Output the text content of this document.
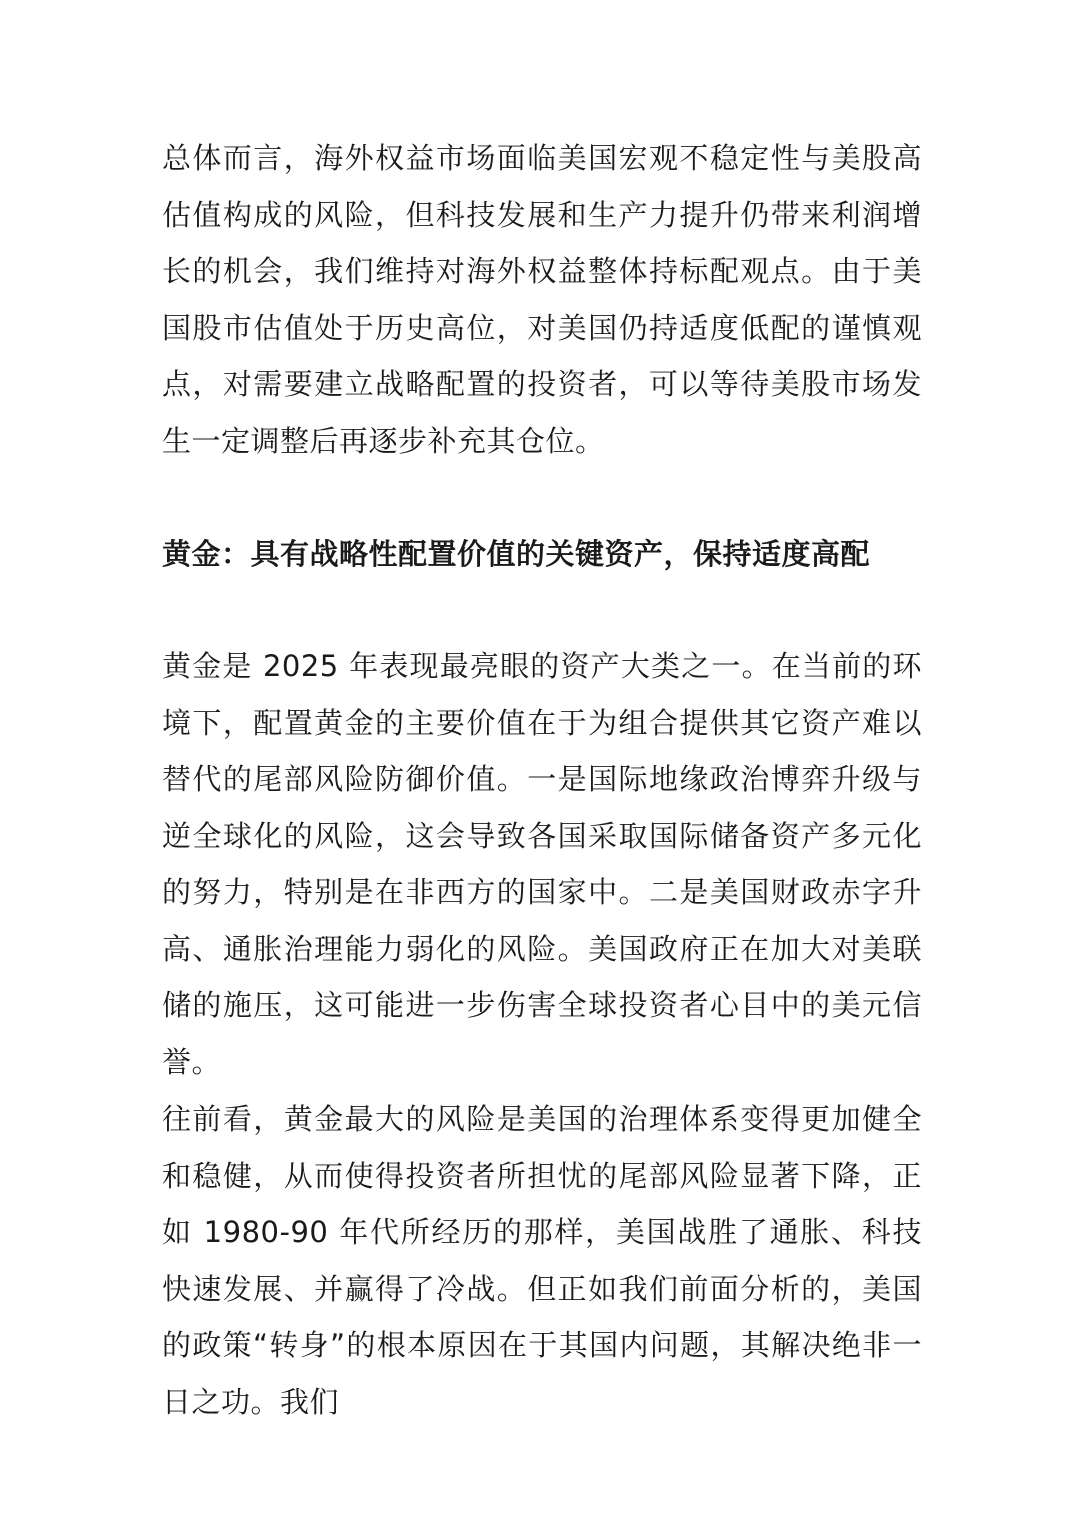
总体而言，海外权益市场面临美国宏观不稳定性与美股高估值构成的风险，但科技发展和生产力提升仍带来利润增长的机会，我们维持对海外权益整体持标配观点。由于美国股市估值处于历史高位，对美国仍持适度低配的谨慎观点，对需要建立战略配置的投资者，可以等待美股市场发生一定调整后再逐步补充其仓位。

黄金：具有战略性配置价值的关键资产，保持适度高配

黄金是 2025 年表现最亮眼的资产大类之一。在当前的环境下，配置黄金的主要价值在于为组合提供其它资产难以替代的尾部风险防御价值。一是国际地缘政治博弈升级与逆全球化的风险，这会导致各国采取国际储备资产多元化的努力，特别是在非西方的国家中。二是美国财政赤字升高、通胀治理能力弱化的风险。美国政府正在加大对美联储的施压，这可能进一步伤害全球投资者心目中的美元信誉。

往前看，黄金最大的风险是美国的治理体系变得更加健全和稳健，从而使得投资者所担忧的尾部风险显著下降，正如 1980-90 年代所经历的那样，美国战胜了通胀、科技快速发展、并赢得了冷战。但正如我们前面分析的，美国的政策“转身”的根本原因在于其国内问题，其解决绝非一日之功。我们
